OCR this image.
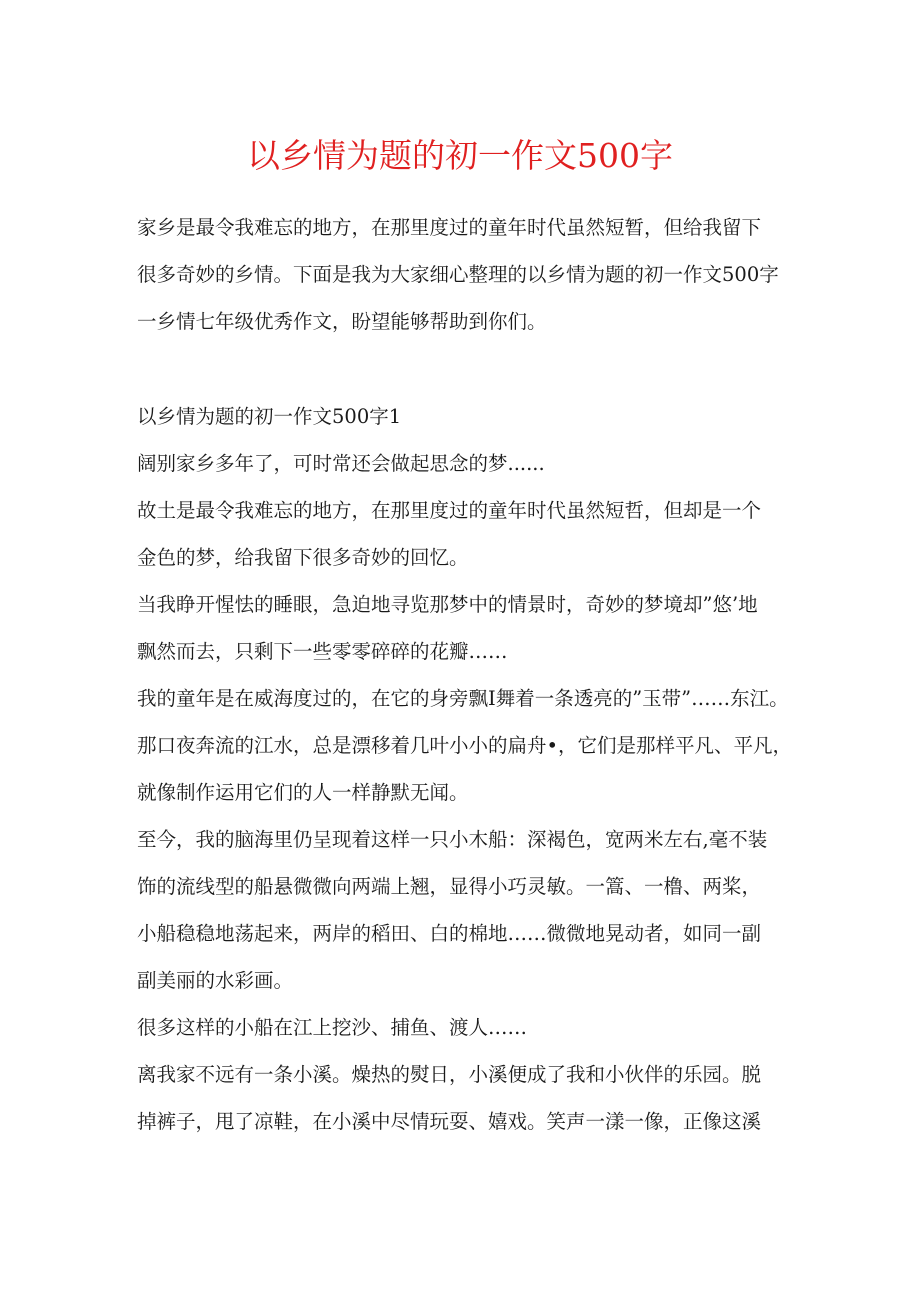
以乡情为题的初一作文500字
家乡是最令我难忘的地方，在那里度过的童年时代虽然短暂，但给我留下
很多奇妙的乡情。下面是我为大家细心整理的以乡情为题的初一作文500字
一乡情七年级优秀作文，盼望能够帮助到你们。
以乡情为题的初一作文500字1
阔别家乡多年了，可时常还会做起思念的梦......
故土是最令我难忘的地方，在那里度过的童年时代虽然短哲，但却是一个
金色的梦，给我留下很多奇妙的回忆。
当我睁开惺怯的睡眼，急迫地寻览那梦中的情景时，奇妙的梦境却”悠’地
飘然而去，只剩下一些零零碎碎的花瓣……
我的童年是在威海度过的，在它的身旁飘I舞着一条透亮的”玉带”……东江。
那口夜奔流的江水，总是漂移着几叶小小的扁舟•，它们是那样平凡、平凡，
就像制作运用它们的人一样静默无闻。
至今，我的脑海里仍呈现着这样一只小木船：深褐色，宽两米左右,毫不装
饰的流线型的船悬微微向两端上翘，显得小巧灵敏。一篙、一橹、两桨，
小船稳稳地荡起来，两岸的稻田、白的棉地……微微地晃动者，如同一副
副美丽的水彩画。
很多这样的小船在江上挖沙、捕鱼、渡人……
离我家不远有一条小溪。燥热的熨日，小溪便成了我和小伙伴的乐园。脱
掉裤子，甩了凉鞋，在小溪中尽情玩耍、嬉戏。笑声一漾一像，正像这溪
